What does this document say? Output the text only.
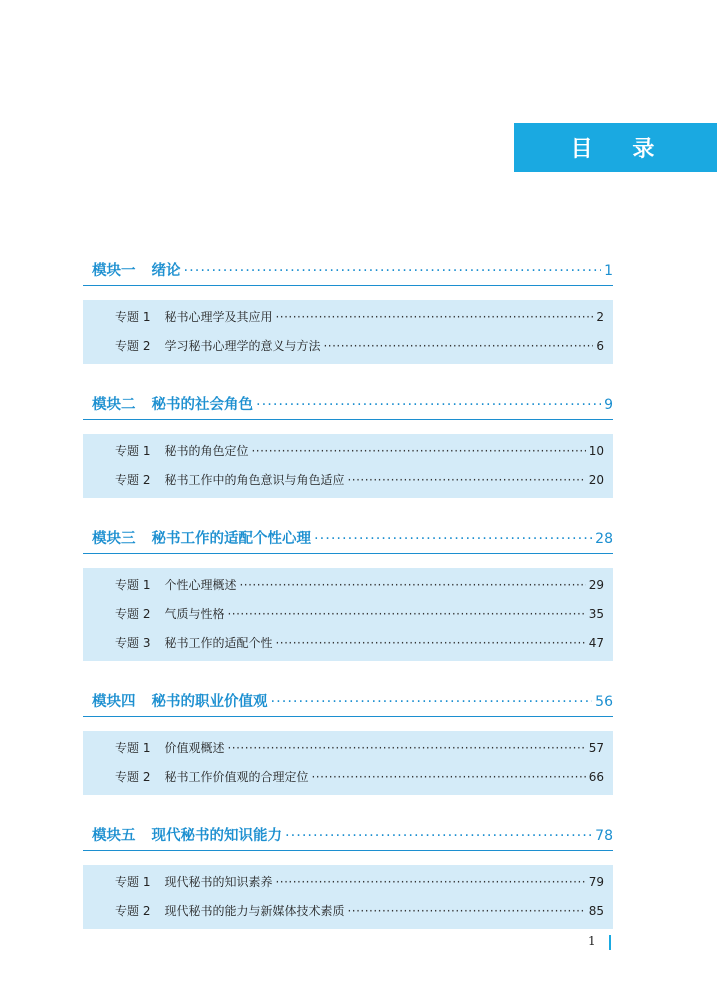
目 录
模块一 绪论 ·····	1
专题 1 秘书心理学及其应用 ·····	2
专题 2 学习秘书心理学的意义与方法 ·····	6
模块二 秘书的社会角色 ·····	9
专题 1 秘书的角色定位 ·····	10
专题 2 秘书工作中的角色意识与角色适应 ·····	20
模块三 秘书工作的适配个性心理 ·····	28
专题 1 个性心理概述 ·····	29
专题 2 气质与性格 ·····	35
专题 3 秘书工作的适配个性 ·····	47
模块四 秘书的职业价值观 ·····	56
专题 1 价值观概述 ·····	57
专题 2 秘书工作价值观的合理定位 ·····	66
模块五 现代秘书的知识能力 ·····	78
专题 1 现代秘书的知识素养 ·····	79
专题 2 现代秘书的能力与新媒体技术素质 ·····	85
1
